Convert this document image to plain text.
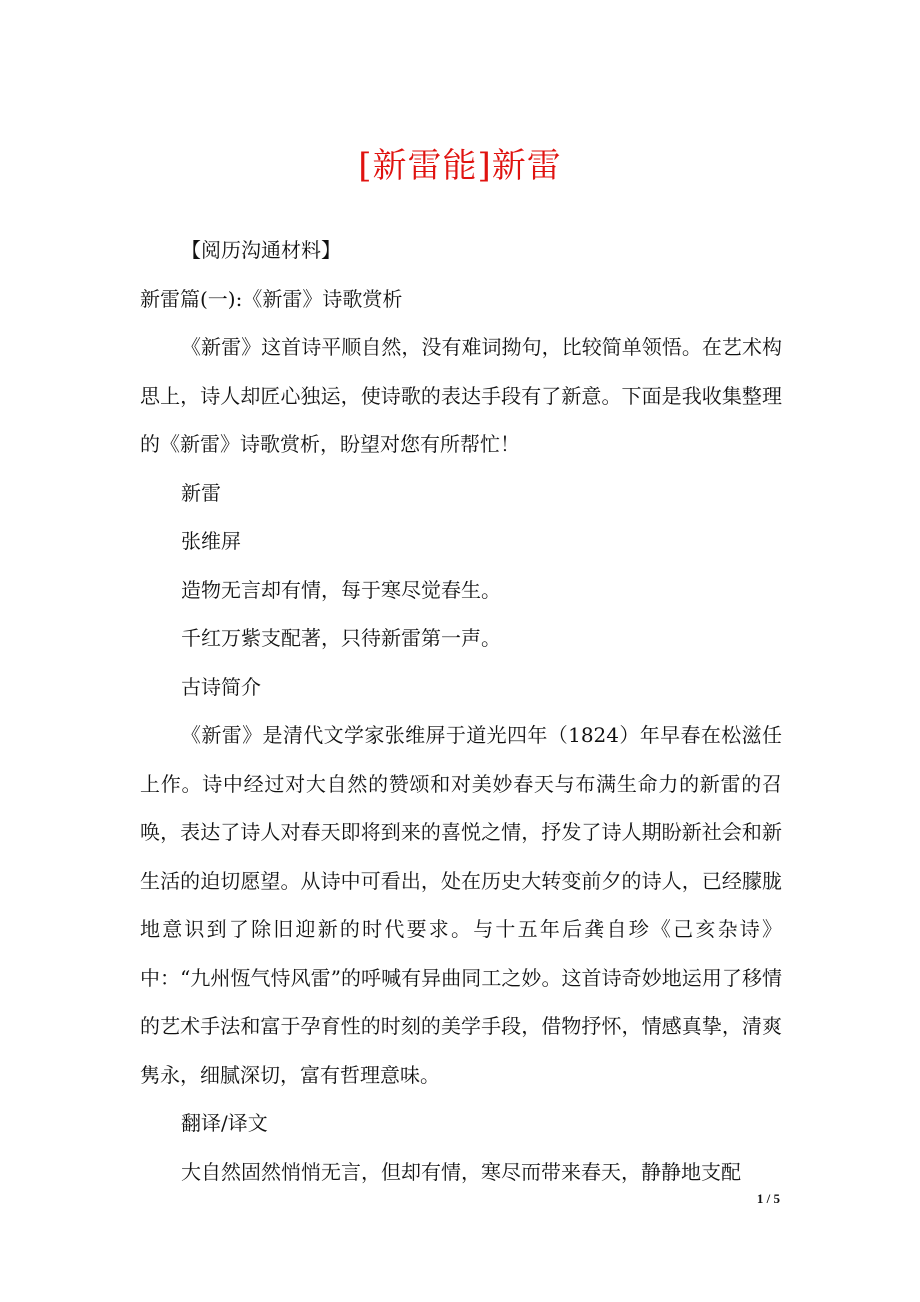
[新雷能]新雷

【阅历沟通材料】

新雷篇(一):《新雷》诗歌赏析

《新雷》这首诗平顺自然，没有难词拗句，比较简单领悟。在艺术构思上，诗人却匠心独运，使诗歌的表达手段有了新意。下面是我收集整理的《新雷》诗歌赏析，盼望对您有所帮忙！

新雷

张维屏

造物无言却有情，每于寒尽觉春生。

千红万紫支配著，只待新雷第一声。

古诗简介

《新雷》是清代文学家张维屏于道光四年（1824）年早春在松滋任上作。诗中经过对大自然的赞颂和对美妙春天与布满生命力的新雷的召唤，表达了诗人对春天即将到来的喜悦之情，抒发了诗人期盼新社会和新生活的迫切愿望。从诗中可看出，处在历史大转变前夕的诗人，已经朦胧地意识到了除旧迎新的时代要求。与十五年后龚自珍《己亥杂诗》中：“九州恆气恃风雷”的呼喊有异曲同工之妙。这首诗奇妙地运用了移情的艺术手法和富于孕育性的时刻的美学手段，借物抒怀，情感真挚，清爽隽永，细腻深切，富有哲理意味。

翻译/译文

大自然固然悄悄无言，但却有情，寒尽而带来春天，静静地支配

1 / 5
